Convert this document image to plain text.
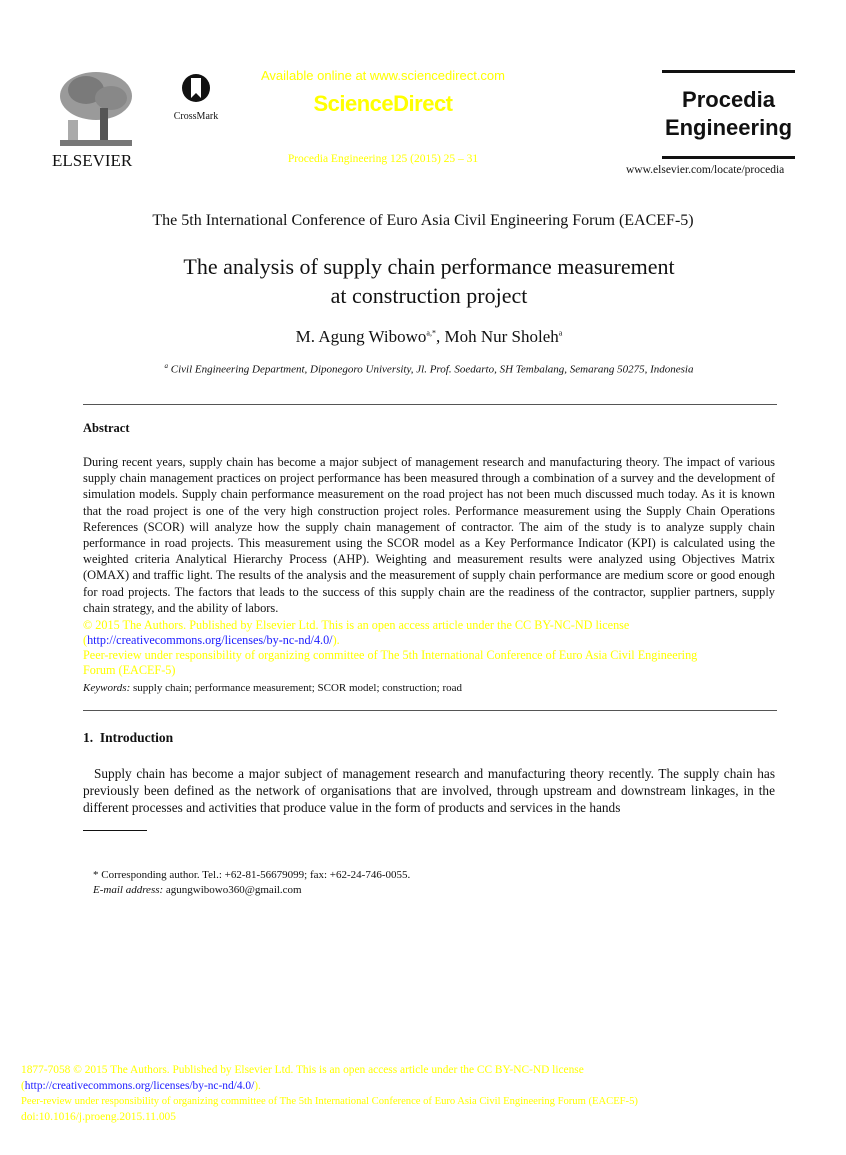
ELSEVIER
CrossMark
Available online at www.sciencedirect.com
ScienceDirect
Procedia Engineering 125 (2015) 25 – 31
Procedia
Engineering
www.elsevier.com/locate/procedia
The 5th International Conference of Euro Asia Civil Engineering Forum (EACEF-5)
The analysis of supply chain performance measurement
at construction project
M. Agung Wibowo$^{a,*}$, Moh Nur Sholeh$^a$
$^a$ Civil Engineering Department, Diponegoro University, Jl. Prof. Soedarto, SH Tembalang, Semarang 50275, Indonesia
Abstract
During recent years, supply chain has become a major subject of management research and manufacturing theory. The impact of various supply chain management practices on project performance has been measured through a combination of a survey and the development of simulation models. Supply chain performance measurement on the road project has not been much discussed much today. As it is known that the road project is one of the very high construction project roles. Performance measurement using the Supply Chain Operations References (SCOR) will analyze how the supply chain management of contractor. The aim of the study is to analyze supply chain performance in road projects. This measurement using the SCOR model as a Key Performance Indicator (KPI) is calculated using the weighted criteria Analytical Hierarchy Process (AHP). Weighting and measurement results were analyzed using Objectives Matrix (OMAX) and traffic light. The results of the analysis and the measurement of supply chain performance are medium score or good enough for road projects. The factors that leads to the success of this supply chain are the readiness of the contractor, supplier partners, supply chain strategy, and the ability of labors.
© 2015 The Authors. Published by Elsevier Ltd. This is an open access article under the CC BY-NC-ND license
(http://creativecommons.org/licenses/by-nc-nd/4.0/).
Peer-review under responsibility of organizing committee of The 5th International Conference of Euro Asia Civil Engineering Forum (EACEF-5)
Keywords: supply chain; performance measurement; SCOR model; construction; road
1.  Introduction
Supply chain has become a major subject of management research and manufacturing theory recently. The supply chain has previously been defined as the network of organisations that are involved, through upstream and downstream linkages, in the different processes and activities that produce value in the form of products and services in the hands
* Corresponding author. Tel.: +62-81-56679099; fax: +62-24-746-0055.
E-mail address: agungwibowo360@gmail.com
1877-7058 © 2015 The Authors. Published by Elsevier Ltd. This is an open access article under the CC BY-NC-ND license
(http://creativecommons.org/licenses/by-nc-nd/4.0/).
Peer-review under responsibility of organizing committee of The 5th International Conference of Euro Asia Civil Engineering Forum (EACEF-5)
doi:10.1016/j.proeng.2015.11.005
